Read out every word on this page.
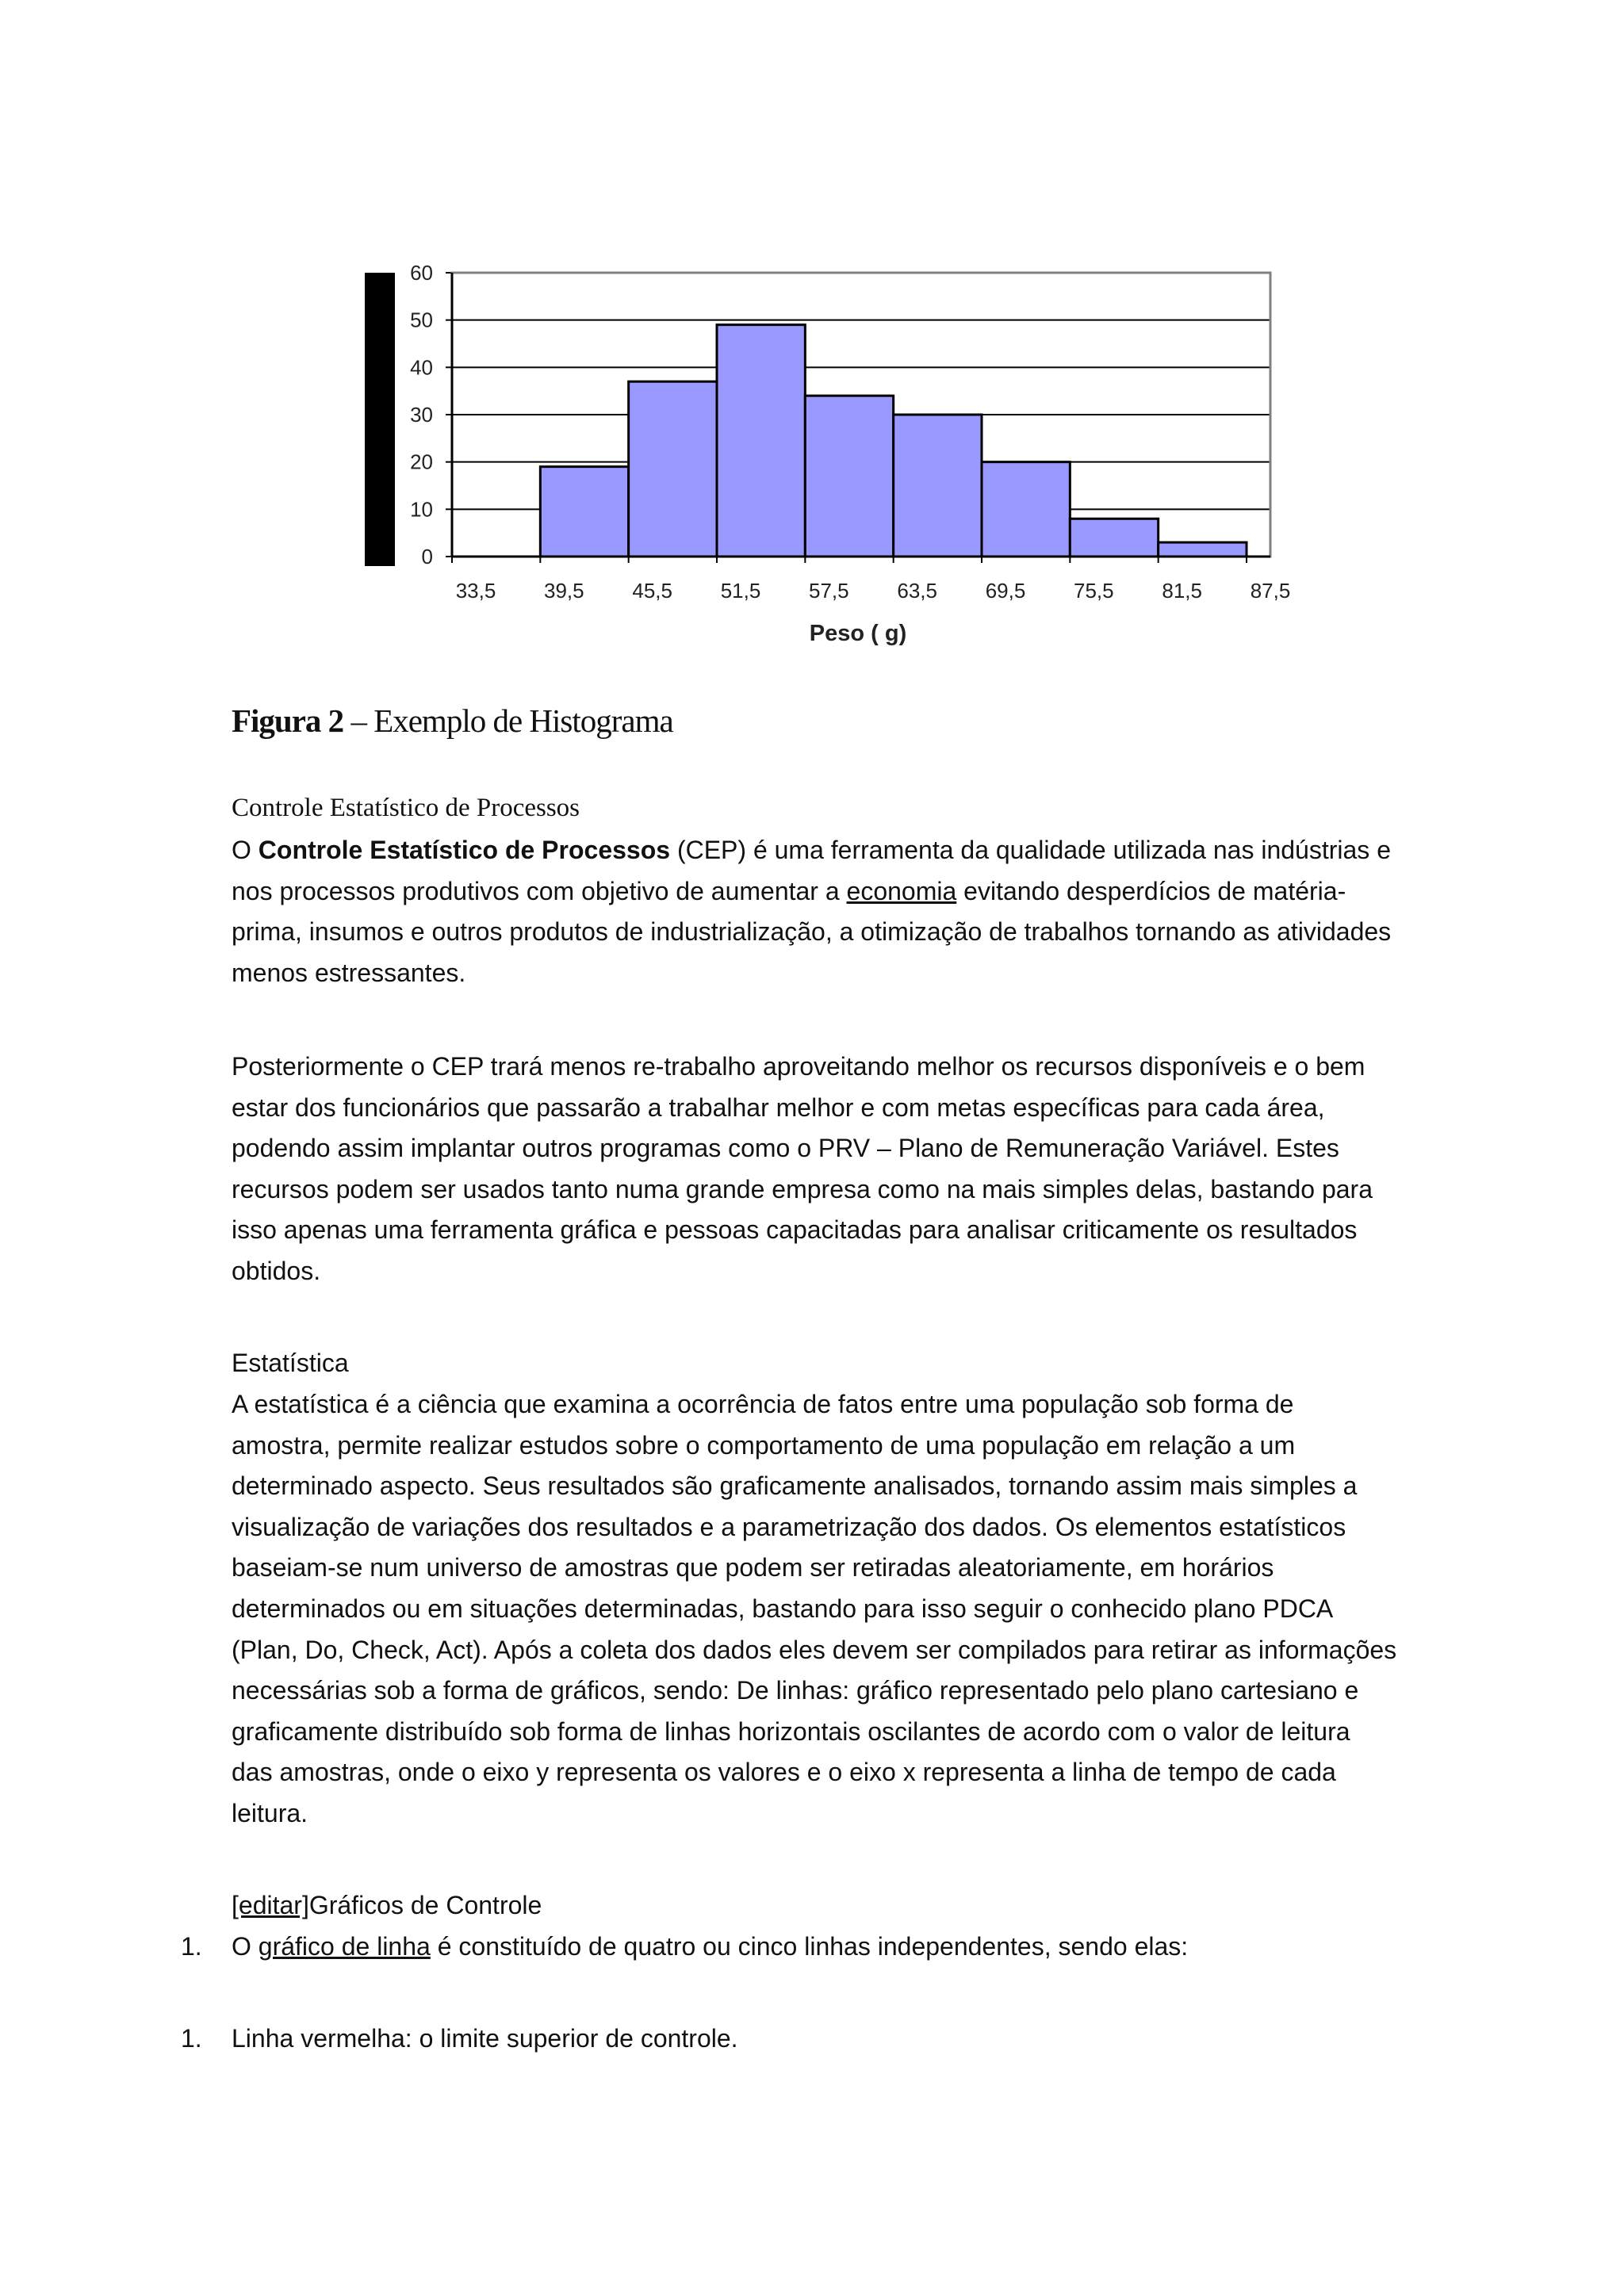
0
10
20
30
40
50
60
33,5 39,5 45,5 51,5 57,5 63,5 69,5 75,5 81,5 87,5
Peso ( g)
Figura 2 – Exemplo de Histograma
Controle Estatístico de Processos

O Controle Estatístico de Processos (CEP) é uma ferramenta da qualidade utilizada nas indústrias e nos processos produtivos com objetivo de aumentar a economia evitando desperdícios de matéria-prima, insumos e outros produtos de industrialização, a otimização de trabalhos tornando as atividades menos estressantes.

Posteriormente o CEP trará menos re-trabalho aproveitando melhor os recursos disponíveis e o bem estar dos funcionários que passarão a trabalhar melhor e com metas específicas para cada área, podendo assim implantar outros programas como o PRV – Plano de Remuneração Variável. Estes recursos podem ser usados tanto numa grande empresa como na mais simples delas, bastando para isso apenas uma ferramenta gráfica e pessoas capacitadas para analisar criticamente os resultados obtidos.

Estatística

A estatística é a ciência que examina a ocorrência de fatos entre uma população sob forma de amostra, permite realizar estudos sobre o comportamento de uma população em relação a um determinado aspecto. Seus resultados são graficamente analisados, tornando assim mais simples a visualização de variações dos resultados e a parametrização dos dados. Os elementos estatísticos baseiam-se num universo de amostras que podem ser retiradas aleatoriamente, em horários determinados ou em situações determinadas, bastando para isso seguir o conhecido plano PDCA (Plan, Do, Check, Act). Após a coleta dos dados eles devem ser compilados para retirar as informações necessárias sob a forma de gráficos, sendo: De linhas: gráfico representado pelo plano cartesiano e graficamente distribuído sob forma de linhas horizontais oscilantes de acordo com o valor de leitura das amostras, onde o eixo y representa os valores e o eixo x representa a linha de tempo de cada leitura.

[editar]Gráficos de Controle
1. O gráfico de linha é constituído de quatro ou cinco linhas independentes, sendo elas:
1. Linha vermelha: o limite superior de controle.
